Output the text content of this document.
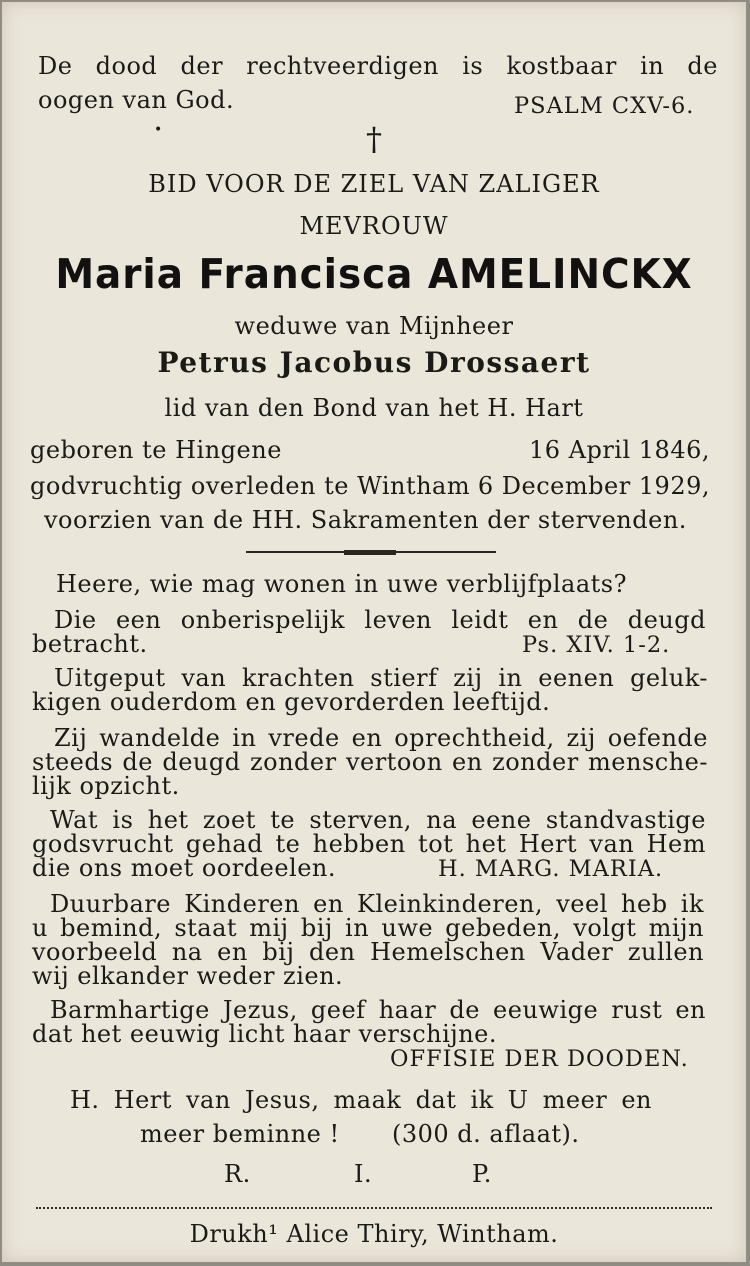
De dood der rechtveerdigen is kostbaar in de
oogen van God.	PSALM CXV-6.
•	†
BID VOOR DE ZIEL VAN ZALIGER
MEVROUW
Maria Francisca AMELINCKX
weduwe van Mijnheer
Petrus Jacobus Drossaert
lid van den Bond van het H. Hart
geboren te Hingene	16 April 1846,
godvruchtig overleden te Wintham 6 December 1929,
voorzien van de HH. Sakramenten der stervenden.
Heere, wie mag wonen in uwe verblijfplaats?
Die een onberispelijk leven leidt en de deugd
betracht.	Ps. XIV. 1-2.
Uitgeput van krachten stierf zij in eenen geluk-
kigen ouderdom en gevorderden leeftijd.
Zij wandelde in vrede en oprechtheid, zij oefende
steeds de deugd zonder vertoon en zonder mensche-
lijk opzicht.
Wat is het zoet te sterven, na eene standvastige
godsvrucht gehad te hebben tot het Hert van Hem
die ons moet oordeelen.	H. MARG. MARIA.
Duurbare Kinderen en Kleinkinderen, veel heb ik
u bemind, staat mij bij in uwe gebeden, volgt mijn
voorbeeld na en bij den Hemelschen Vader zullen
wij elkander weder zien.
Barmhartige Jezus, geef haar de eeuwige rust en
dat het eeuwig licht haar verschijne.
OFFISIE DER DOODEN.
H. Hert van Jesus, maak dat ik U meer en
meer beminne ! (300 d. aflaat).
R.	I.	P.
Drukh¹ Alice Thiry, Wintham.
